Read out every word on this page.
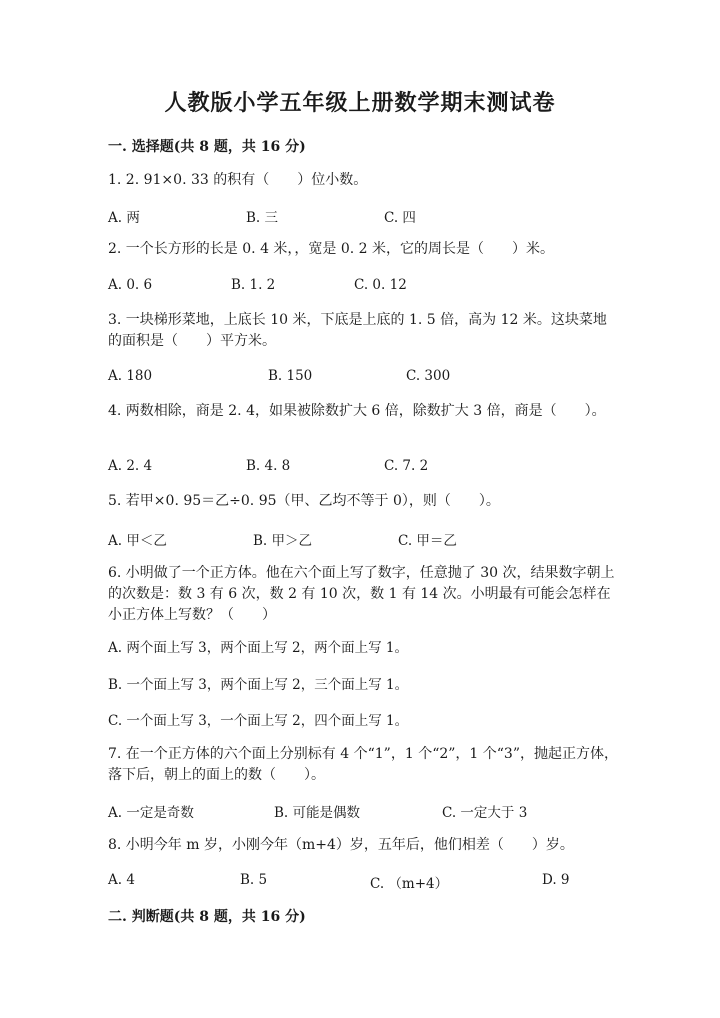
人教版小学五年级上册数学期末测试卷
一. 选择题(共 8 题，共 16 分)
1. 2. 91×0. 33 的积有（　　）位小数。
A. 两	B. 三	C. 四
2. 一个长方形的长是 0. 4 米，，宽是 0. 2 米，它的周长是（　　）米。
A. 0. 6	B. 1. 2	C. 0. 12
3. 一块梯形菜地，上底长 10 米，下底是上底的 1. 5 倍，高为 12 米。这块菜地的面积是（　　）平方米。
A. 180	B. 150	C. 300
4. 两数相除，商是 2. 4，如果被除数扩大 6 倍，除数扩大 3 倍，商是（　　）。
A. 2. 4	B. 4. 8	C. 7. 2
5. 若甲×0. 95＝乙÷0. 95（甲、乙均不等于 0），则（　　）。
A. 甲＜乙	B. 甲＞乙	C. 甲＝乙
6. 小明做了一个正方体。他在六个面上写了数字，任意抛了 30 次，结果数字朝上的次数是：数 3 有 6 次，数 2 有 10 次，数 1 有 14 次。小明最有可能会怎样在小正方体上写数？（　　）
A. 两个面上写 3，两个面上写 2，两个面上写 1。
B. 一个面上写 3，两个面上写 2，三个面上写 1。
C. 一个面上写 3，一个面上写 2，四个面上写 1。
7. 在一个正方体的六个面上分别标有 4 个“1”，1 个“2”，1 个“3”，抛起正方体，落下后，朝上的面上的数（　　）。
A. 一定是奇数	B. 可能是偶数	C. 一定大于 3
8. 小明今年 m 岁，小刚今年（m+4）岁，五年后，他们相差（　　）岁。
A. 4	B. 5	C. （m+4）	D. 9
二. 判断题(共 8 题，共 16 分)
